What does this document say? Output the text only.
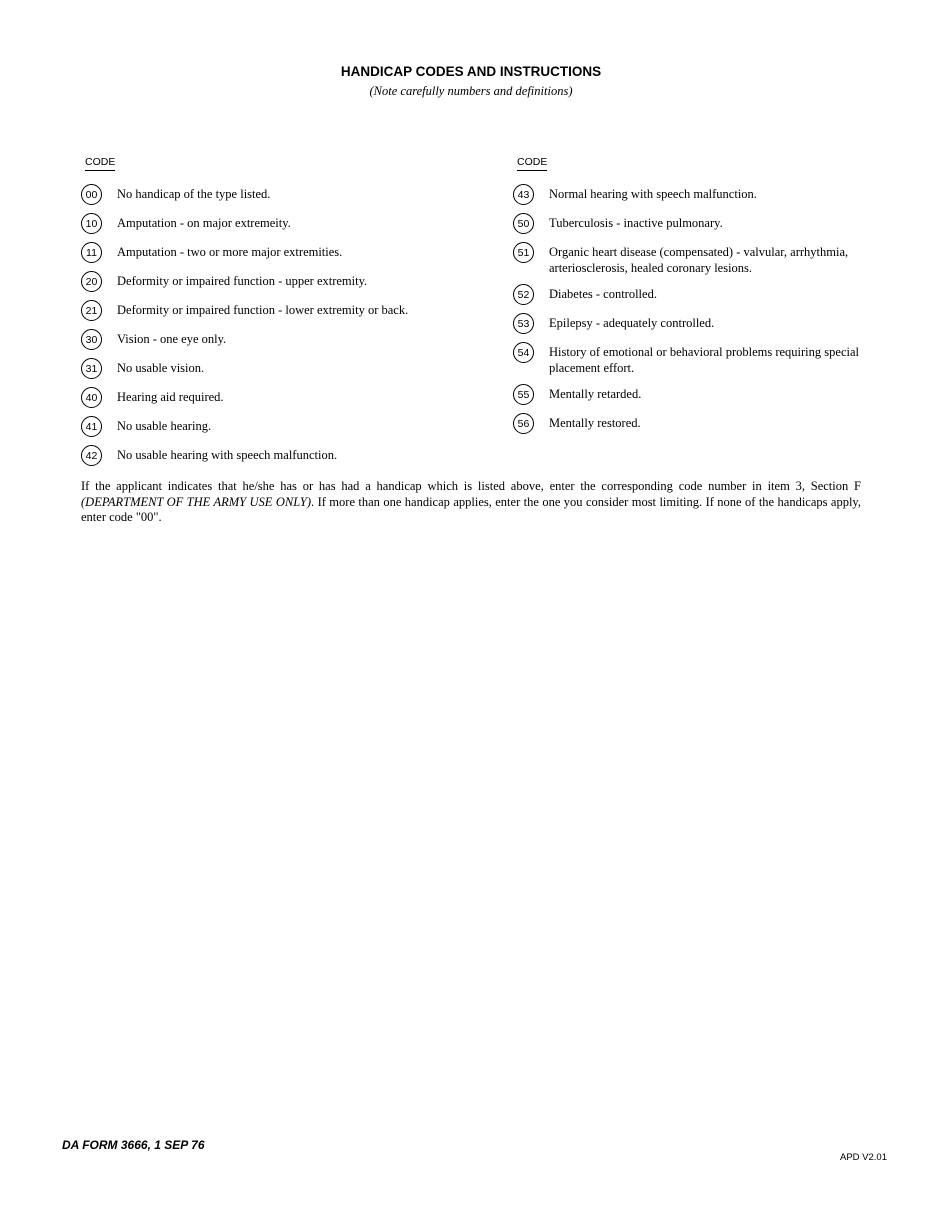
HANDICAP CODES AND INSTRUCTIONS
(Note carefully numbers and definitions)
CODE
00	No handicap of the type listed.
10	Amputation - on major extremeity.
11	Amputation - two or more major extremities.
20	Deformity or impaired function - upper extremity.
21	Deformity or impaired function - lower extremity or back.
30	Vision - one eye only.
31	No usable vision.
40	Hearing aid required.
41	No usable hearing.
42	No usable hearing with speech malfunction.
CODE
43	Normal hearing with speech malfunction.
50	Tuberculosis - inactive pulmonary.
51	Organic heart disease (compensated) - valvular, arrhythmia, arteriosclerosis, healed coronary lesions.
52	Diabetes - controlled.
53	Epilepsy - adequately controlled.
54	History of emotional or behavioral problems requiring special placement effort.
55	Mentally retarded.
56	Mentally restored.
If the applicant indicates that he/she has or has had a handicap which is listed above, enter the corresponding code number in item 3, Section F (DEPARTMENT OF THE ARMY USE ONLY). If more than one handicap applies, enter the one you consider most limiting. If none of the handicaps apply, enter code "00".
DA FORM 3666, 1 SEP 76
APD V2.01
